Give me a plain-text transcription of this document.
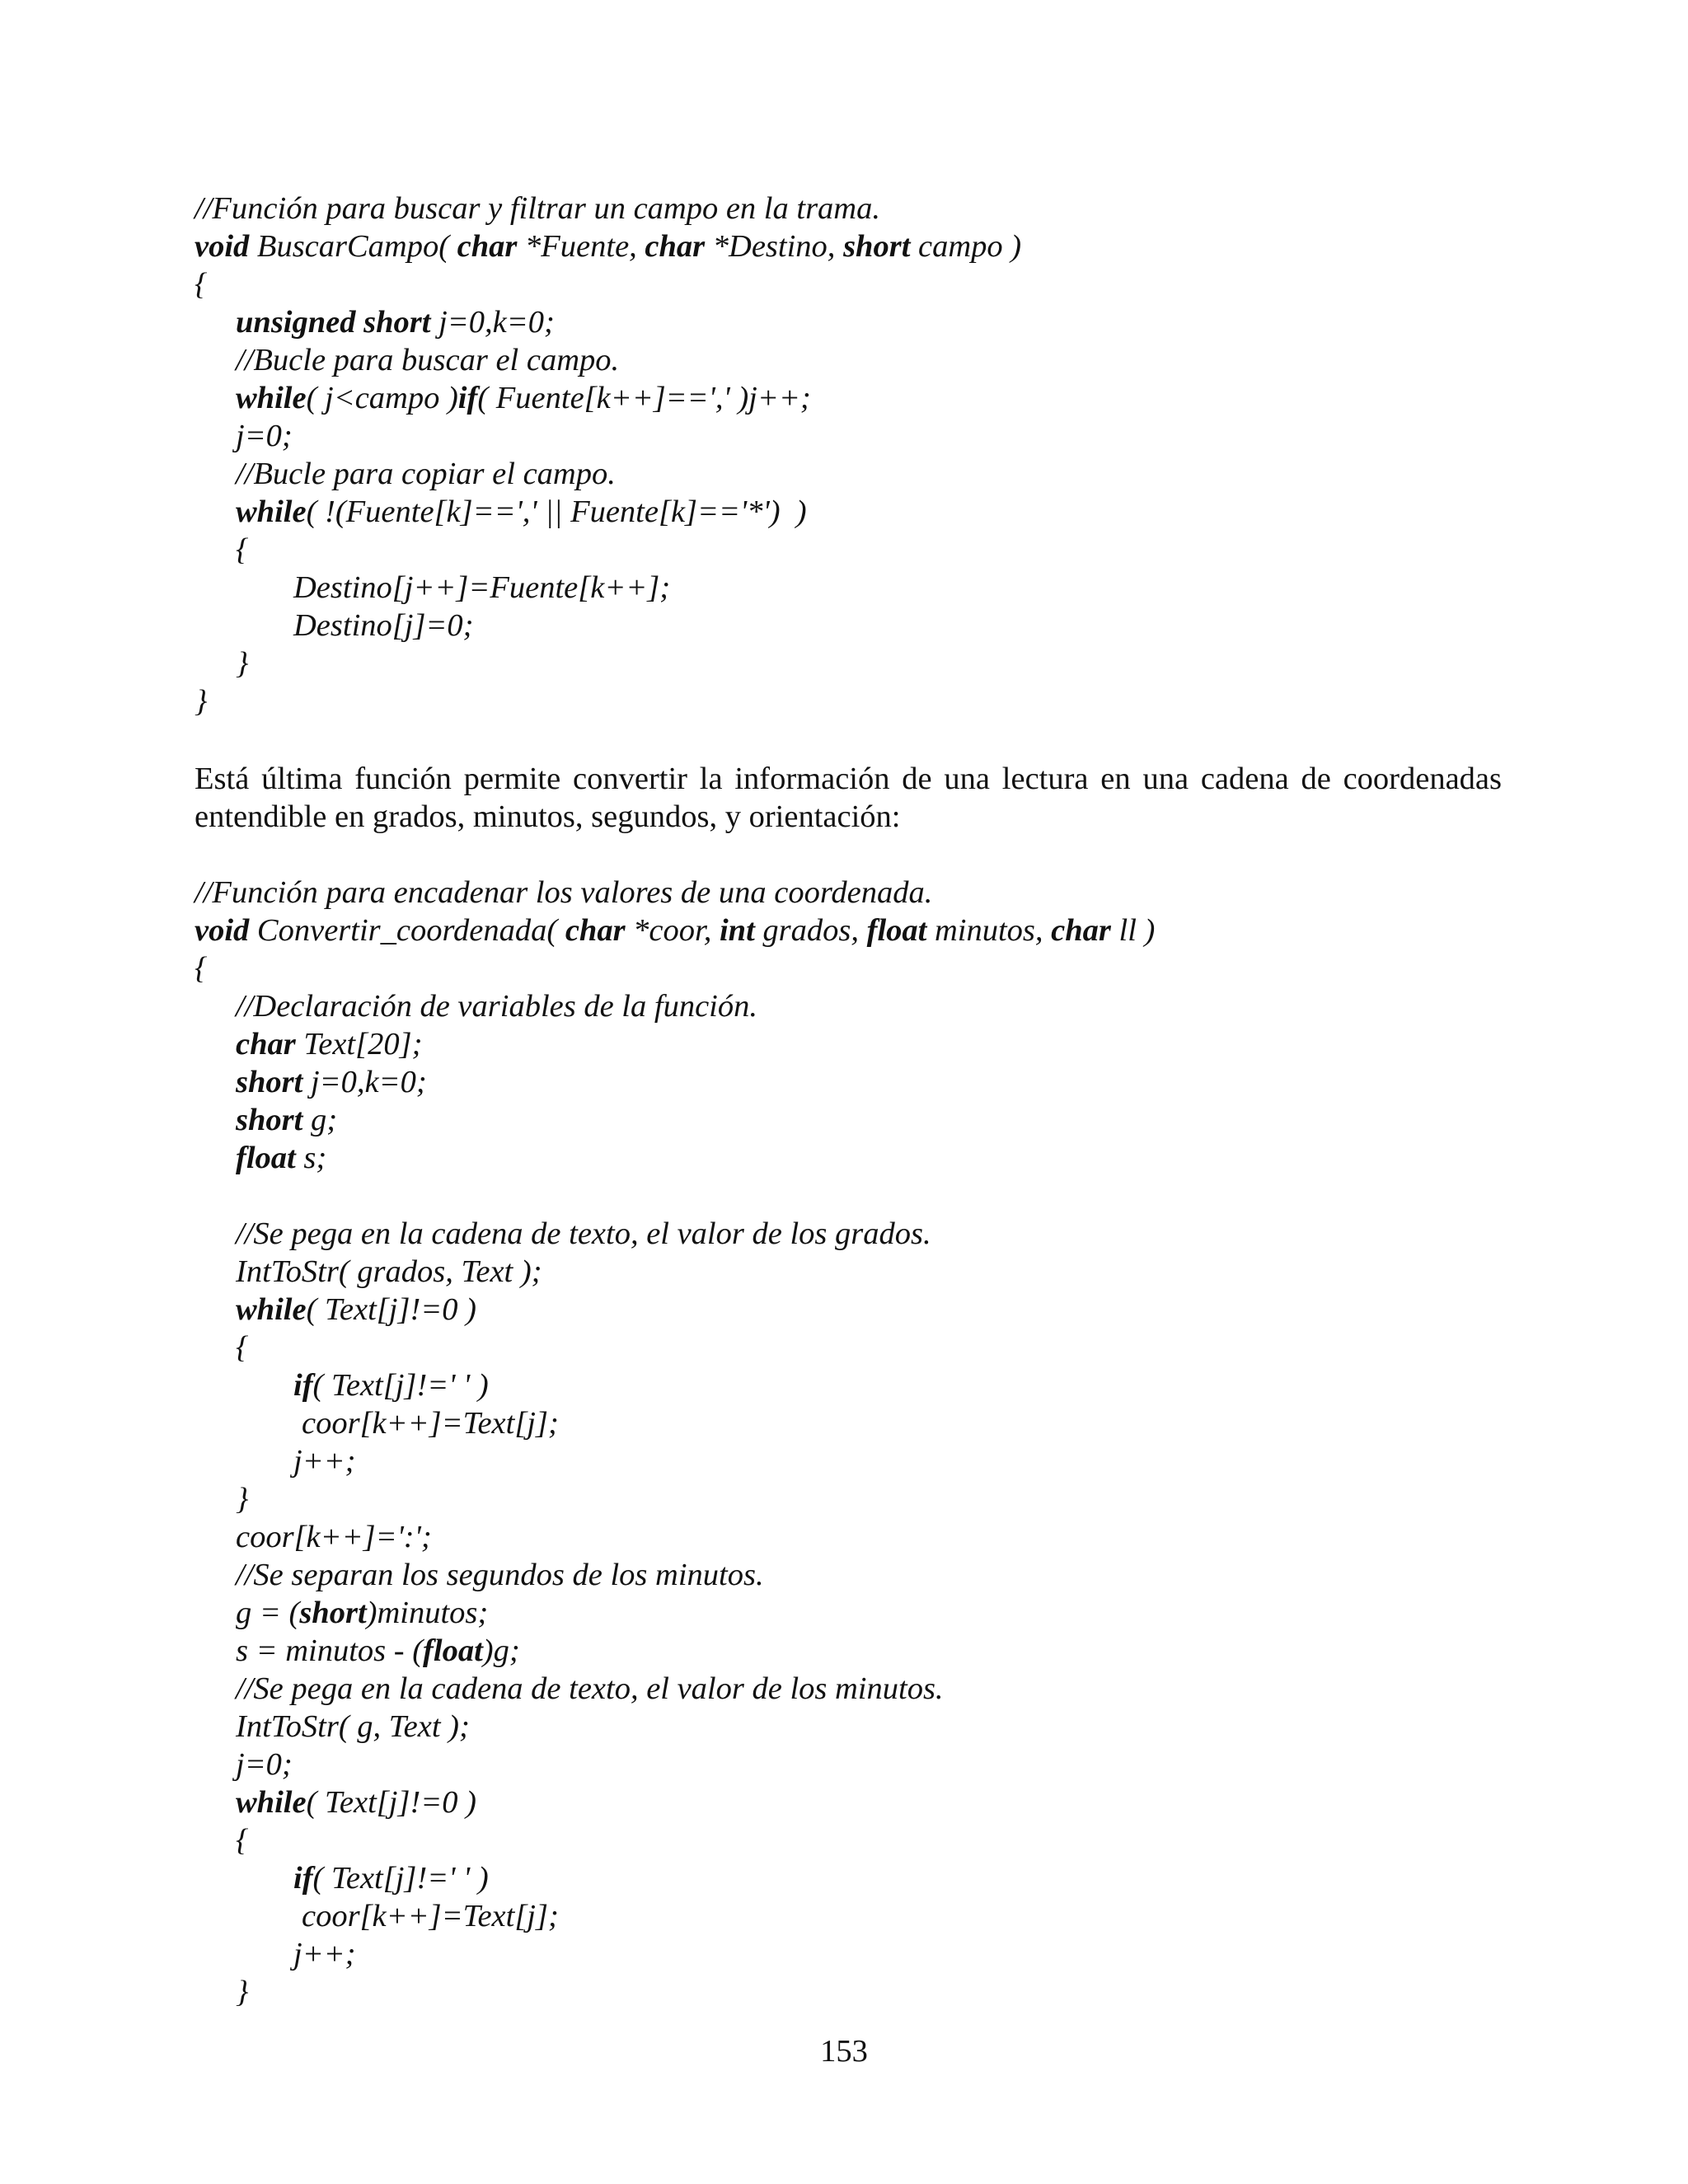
//Función para buscar y filtrar un campo en la trama.
void BuscarCampo( char *Fuente, char *Destino, short campo )
{
unsigned short j=0,k=0;
//Bucle para buscar el campo.
while( j<campo )if( Fuente[k++]==',' )j++;
j=0;
//Bucle para copiar el campo.
while( !(Fuente[k]==',' || Fuente[k]=='*')  )
{
Destino[j++]=Fuente[k++];
Destino[j]=0;
}
}

Está última función permite convertir la información de una lectura en una cadena de coordenadas entendible en grados, minutos, segundos, y orientación:

//Función para encadenar los valores de una coordenada.
void Convertir_coordenada( char *coor, int grados, float minutos, char ll )
{
//Declaración de variables de la función.
char Text[20];
short j=0,k=0;
short g;
float s;
//Se pega en la cadena de texto, el valor de los grados.
IntToStr( grados, Text );
while( Text[j]!=0 )
{
if( Text[j]!=' ' )
coor[k++]=Text[j];
j++;
}
coor[k++]=':';
//Se separan los segundos de los minutos.
g = (short)minutos;
s = minutos - (float)g;
//Se pega en la cadena de texto, el valor de los minutos.
IntToStr( g, Text );
j=0;
while( Text[j]!=0 )
{
if( Text[j]!=' ' )
coor[k++]=Text[j];
j++;
}
153
